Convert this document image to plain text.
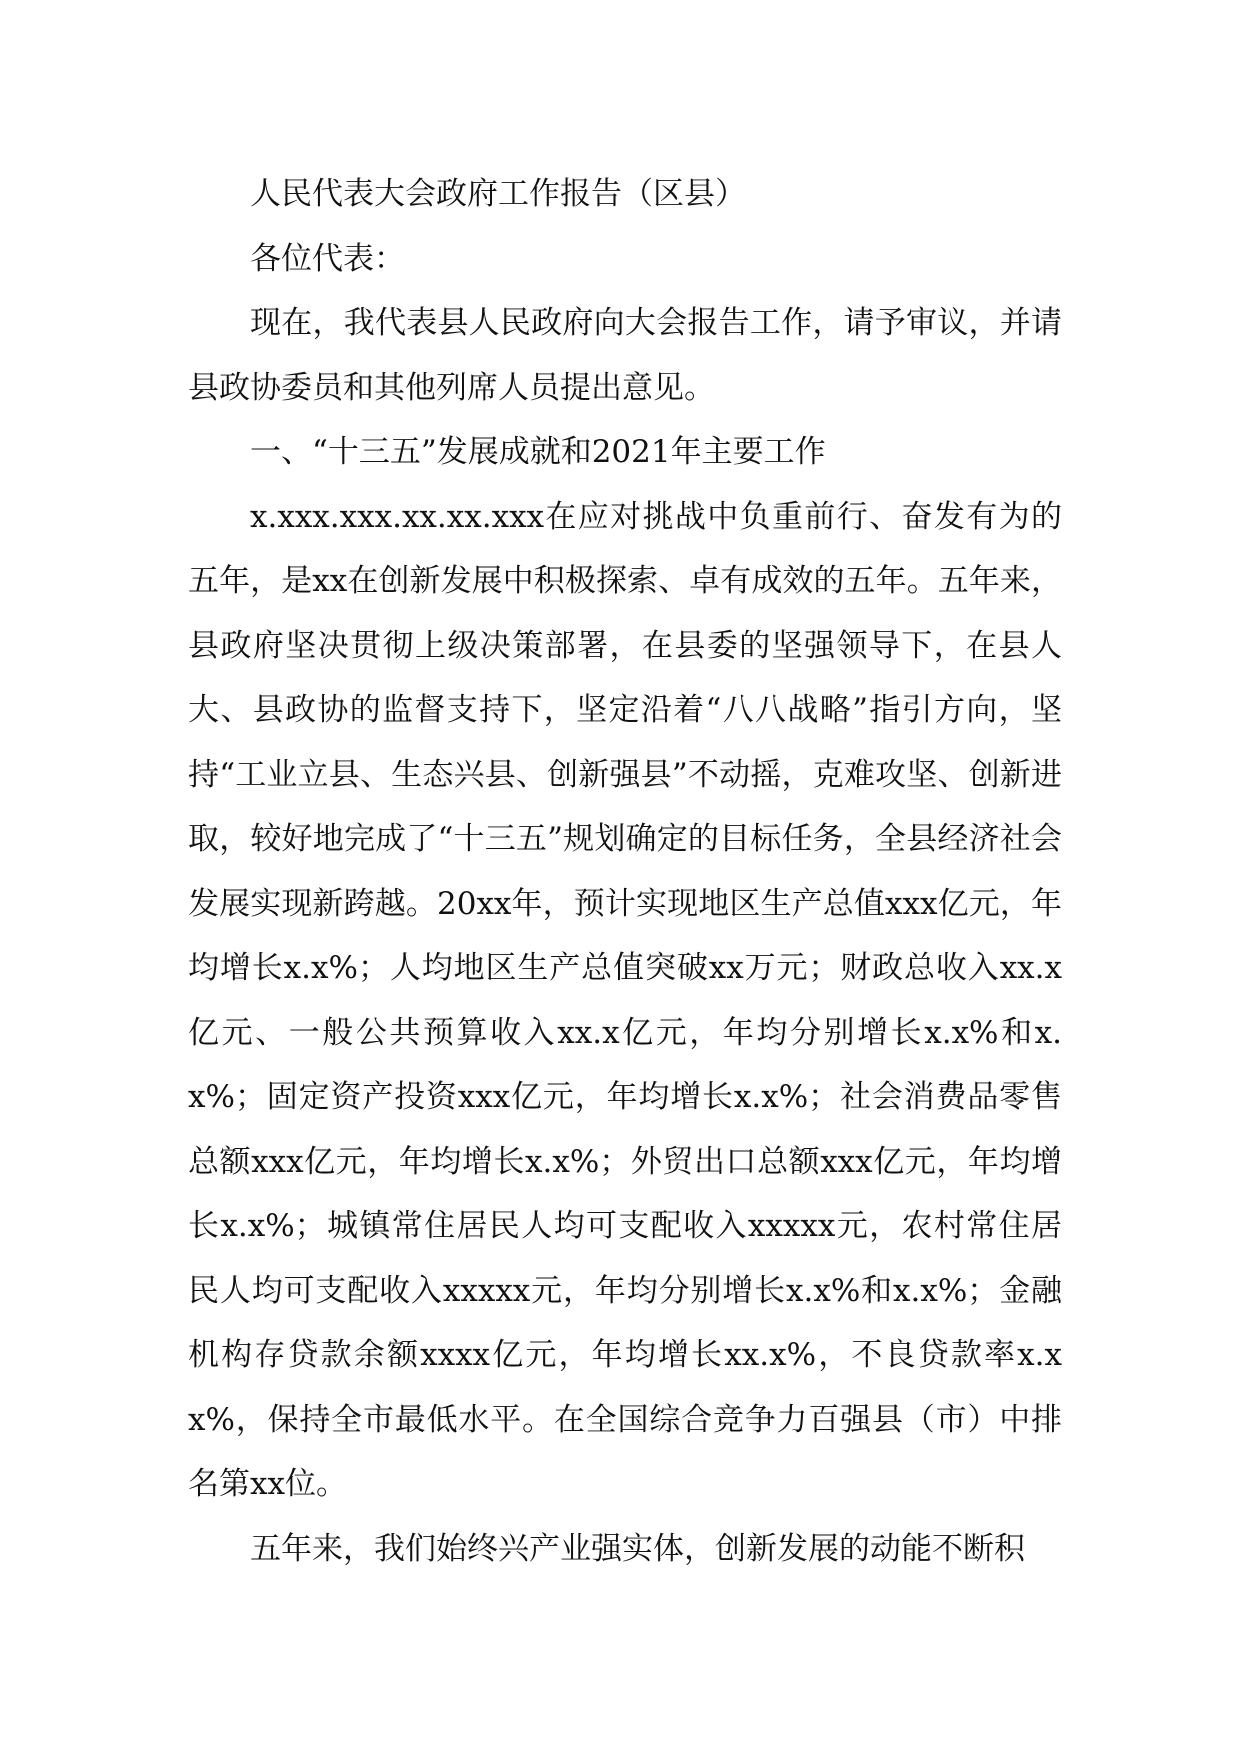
人民代表大会政府工作报告（区县）

各位代表：

现在，我代表县人民政府向大会报告工作，请予审议，并请县政协委员和其他列席人员提出意见。

一、“十三五”发展成就和2021年主要工作

x.xxx.xxx.xx.xx.xxx在应对挑战中负重前行、奋发有为的五年，是xx在创新发展中积极探索、卓有成效的五年。五年来，县政府坚决贯彻上级决策部署，在县委的坚强领导下，在县人大、县政协的监督支持下，坚定沿着“八八战略”指引方向，坚持“工业立县、生态兴县、创新强县”不动摇，克难攻坚、创新进取，较好地完成了“十三五”规划确定的目标任务，全县经济社会发展实现新跨越。20xx年，预计实现地区生产总值xxx亿元，年均增长x.x%；人均地区生产总值突破xx万元；财政总收入xx.x亿元、一般公共预算收入xx.x亿元，年均分别增长x.x%和x.x%；固定资产投资xxx亿元，年均增长x.x%；社会消费品零售总额xxx亿元，年均增长x.x%；外贸出口总额xxx亿元，年均增长x.x%；城镇常住居民人均可支配收入xxxxx元，农村常住居民人均可支配收入xxxxx元，年均分别增长x.x%和x.x%；金融机构存贷款余额xxxx亿元，年均增长xx.x%，不良贷款率x.xx%，保持全市最低水平。在全国综合竞争力百强县（市）中排名第xx位。

五年来，我们始终兴产业强实体，创新发展的动能不断积
